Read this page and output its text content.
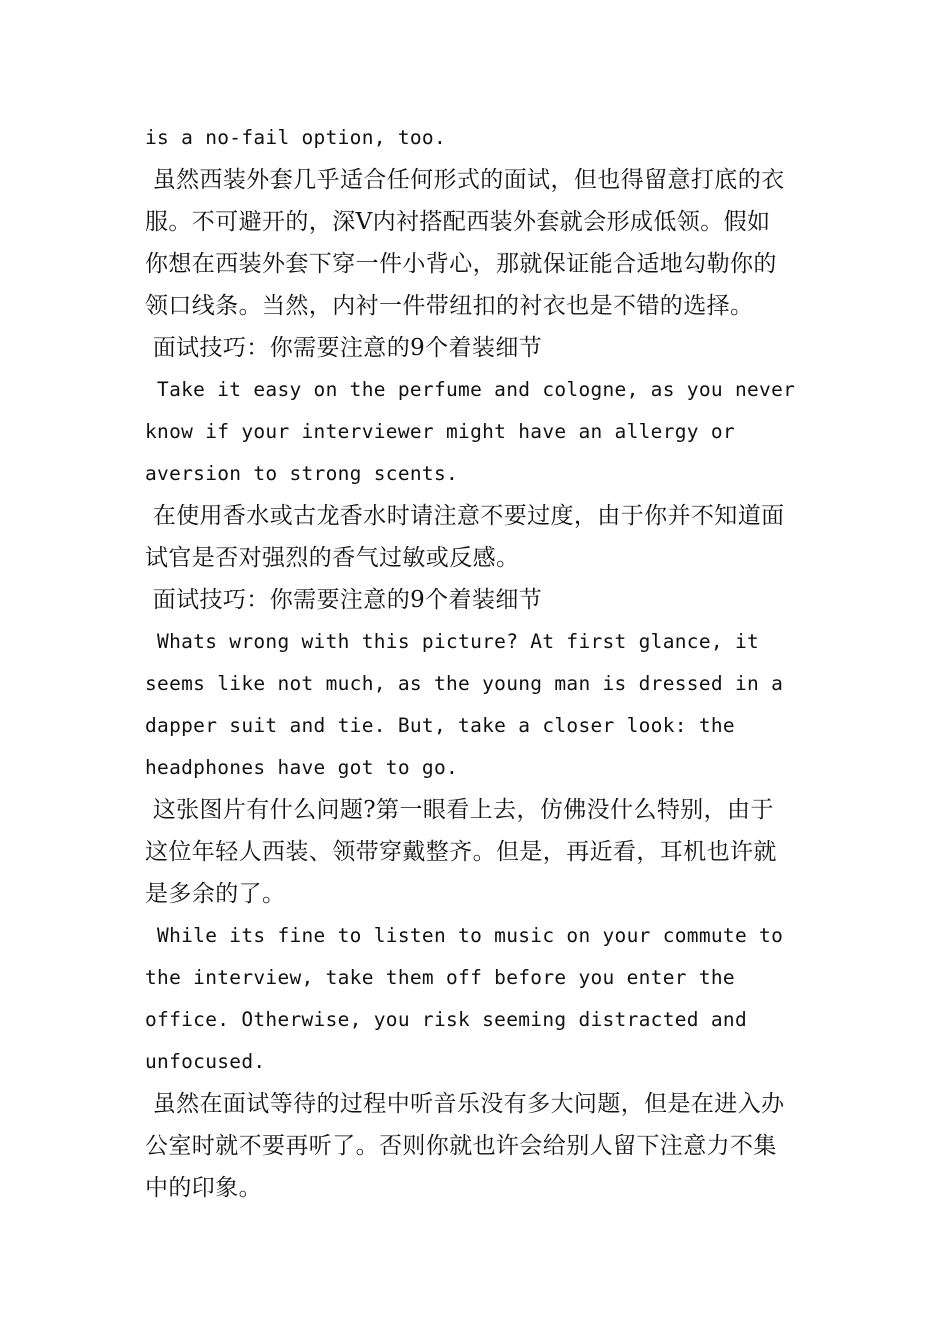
is a no-fail option, too.
虽然西装外套几乎适合任何形式的面试，但也得留意打底的衣
服。不可避开的，深V内衬搭配西装外套就会形成低领。假如
你想在西装外套下穿一件小背心，那就保证能合适地勾勒你的
领口线条。当然，内衬一件带纽扣的衬衣也是不错的选择。
面试技巧：你需要注意的9个着装细节
Take it easy on the perfume and cologne, as you never
know if your interviewer might have an allergy or
aversion to strong scents.
在使用香水或古龙香水时请注意不要过度，由于你并不知道面
试官是否对强烈的香气过敏或反感。
面试技巧：你需要注意的9个着装细节
Whats wrong with this picture? At first glance, it
seems like not much, as the young man is dressed in a
dapper suit and tie. But, take a closer look: the
headphones have got to go.
这张图片有什么问题?第一眼看上去，仿佛没什么特别，由于
这位年轻人西装、领带穿戴整齐。但是，再近看，耳机也许就
是多余的了。
While its fine to listen to music on your commute to
the interview, take them off before you enter the
office. Otherwise, you risk seeming distracted and
unfocused.
虽然在面试等待的过程中听音乐没有多大问题，但是在进入办
公室时就不要再听了。否则你就也许会给别人留下注意力不集
中的印象。
